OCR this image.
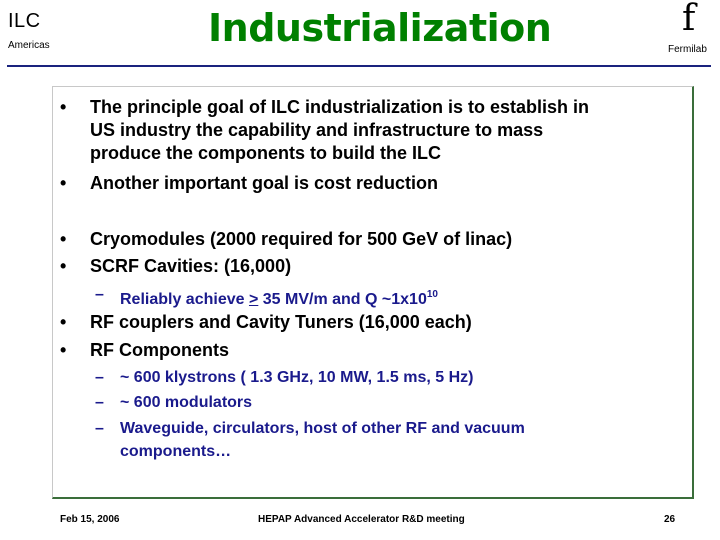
ILC
Americas	Industrialization	f
Fermilab
• The principle goal of ILC industrialization is to establish in
US industry the capability and infrastructure to mass
produce the components to build the ILC
• Another important goal is cost reduction
• Cryomodules (2000 required for 500 GeV of linac)
• SCRF Cavities: (16,000)
– Reliably achieve ≥ 35 MV/m and Q $\sim 1x10^{10}$
• RF couplers and Cavity Tuners (16,000 each)
• RF Components
– ~ 600 klystrons ( 1.3 GHz, 10 MW, 1.5 ms, 5 Hz)
– ~ 600 modulators
– Waveguide, circulators, host of other RF and vacuum
components…
Feb 15, 2006	HEPAP Advanced Accelerator R&D meeting	26
